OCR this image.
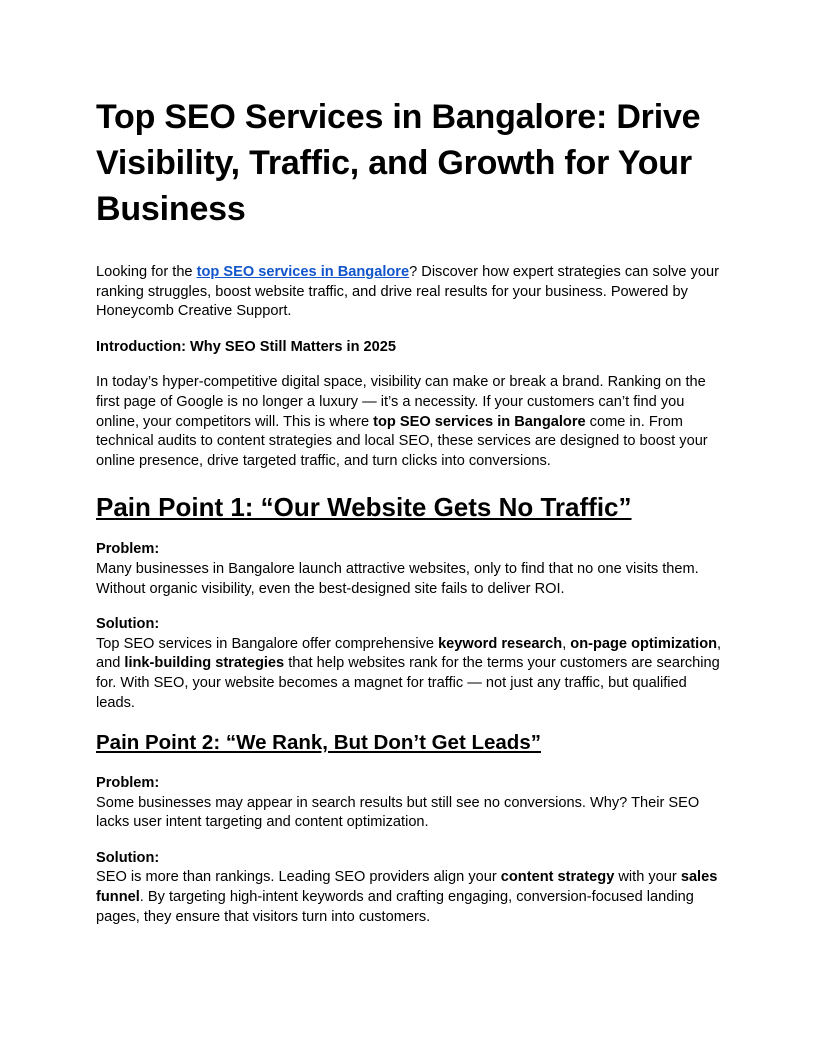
Top SEO Services in Bangalore: Drive Visibility, Traffic, and Growth for Your Business

Looking for the top SEO services in Bangalore? Discover how expert strategies can solve your ranking struggles, boost website traffic, and drive real results for your business. Powered by Honeycomb Creative Support.

Introduction: Why SEO Still Matters in 2025

In today’s hyper-competitive digital space, visibility can make or break a brand. Ranking on the first page of Google is no longer a luxury — it’s a necessity. If your customers can’t find you online, your competitors will. This is where top SEO services in Bangalore come in. From technical audits to content strategies and local SEO, these services are designed to boost your online presence, drive targeted traffic, and turn clicks into conversions.

Pain Point 1: “Our Website Gets No Traffic”

Problem:
Many businesses in Bangalore launch attractive websites, only to find that no one visits them. Without organic visibility, even the best-designed site fails to deliver ROI.

Solution:
Top SEO services in Bangalore offer comprehensive keyword research, on-page optimization, and link-building strategies that help websites rank for the terms your customers are searching for. With SEO, your website becomes a magnet for traffic — not just any traffic, but qualified leads.

Pain Point 2: “We Rank, But Don’t Get Leads”

Problem:
Some businesses may appear in search results but still see no conversions. Why? Their SEO lacks user intent targeting and content optimization.

Solution:
SEO is more than rankings. Leading SEO providers align your content strategy with your sales funnel. By targeting high-intent keywords and crafting engaging, conversion-focused landing pages, they ensure that visitors turn into customers.
